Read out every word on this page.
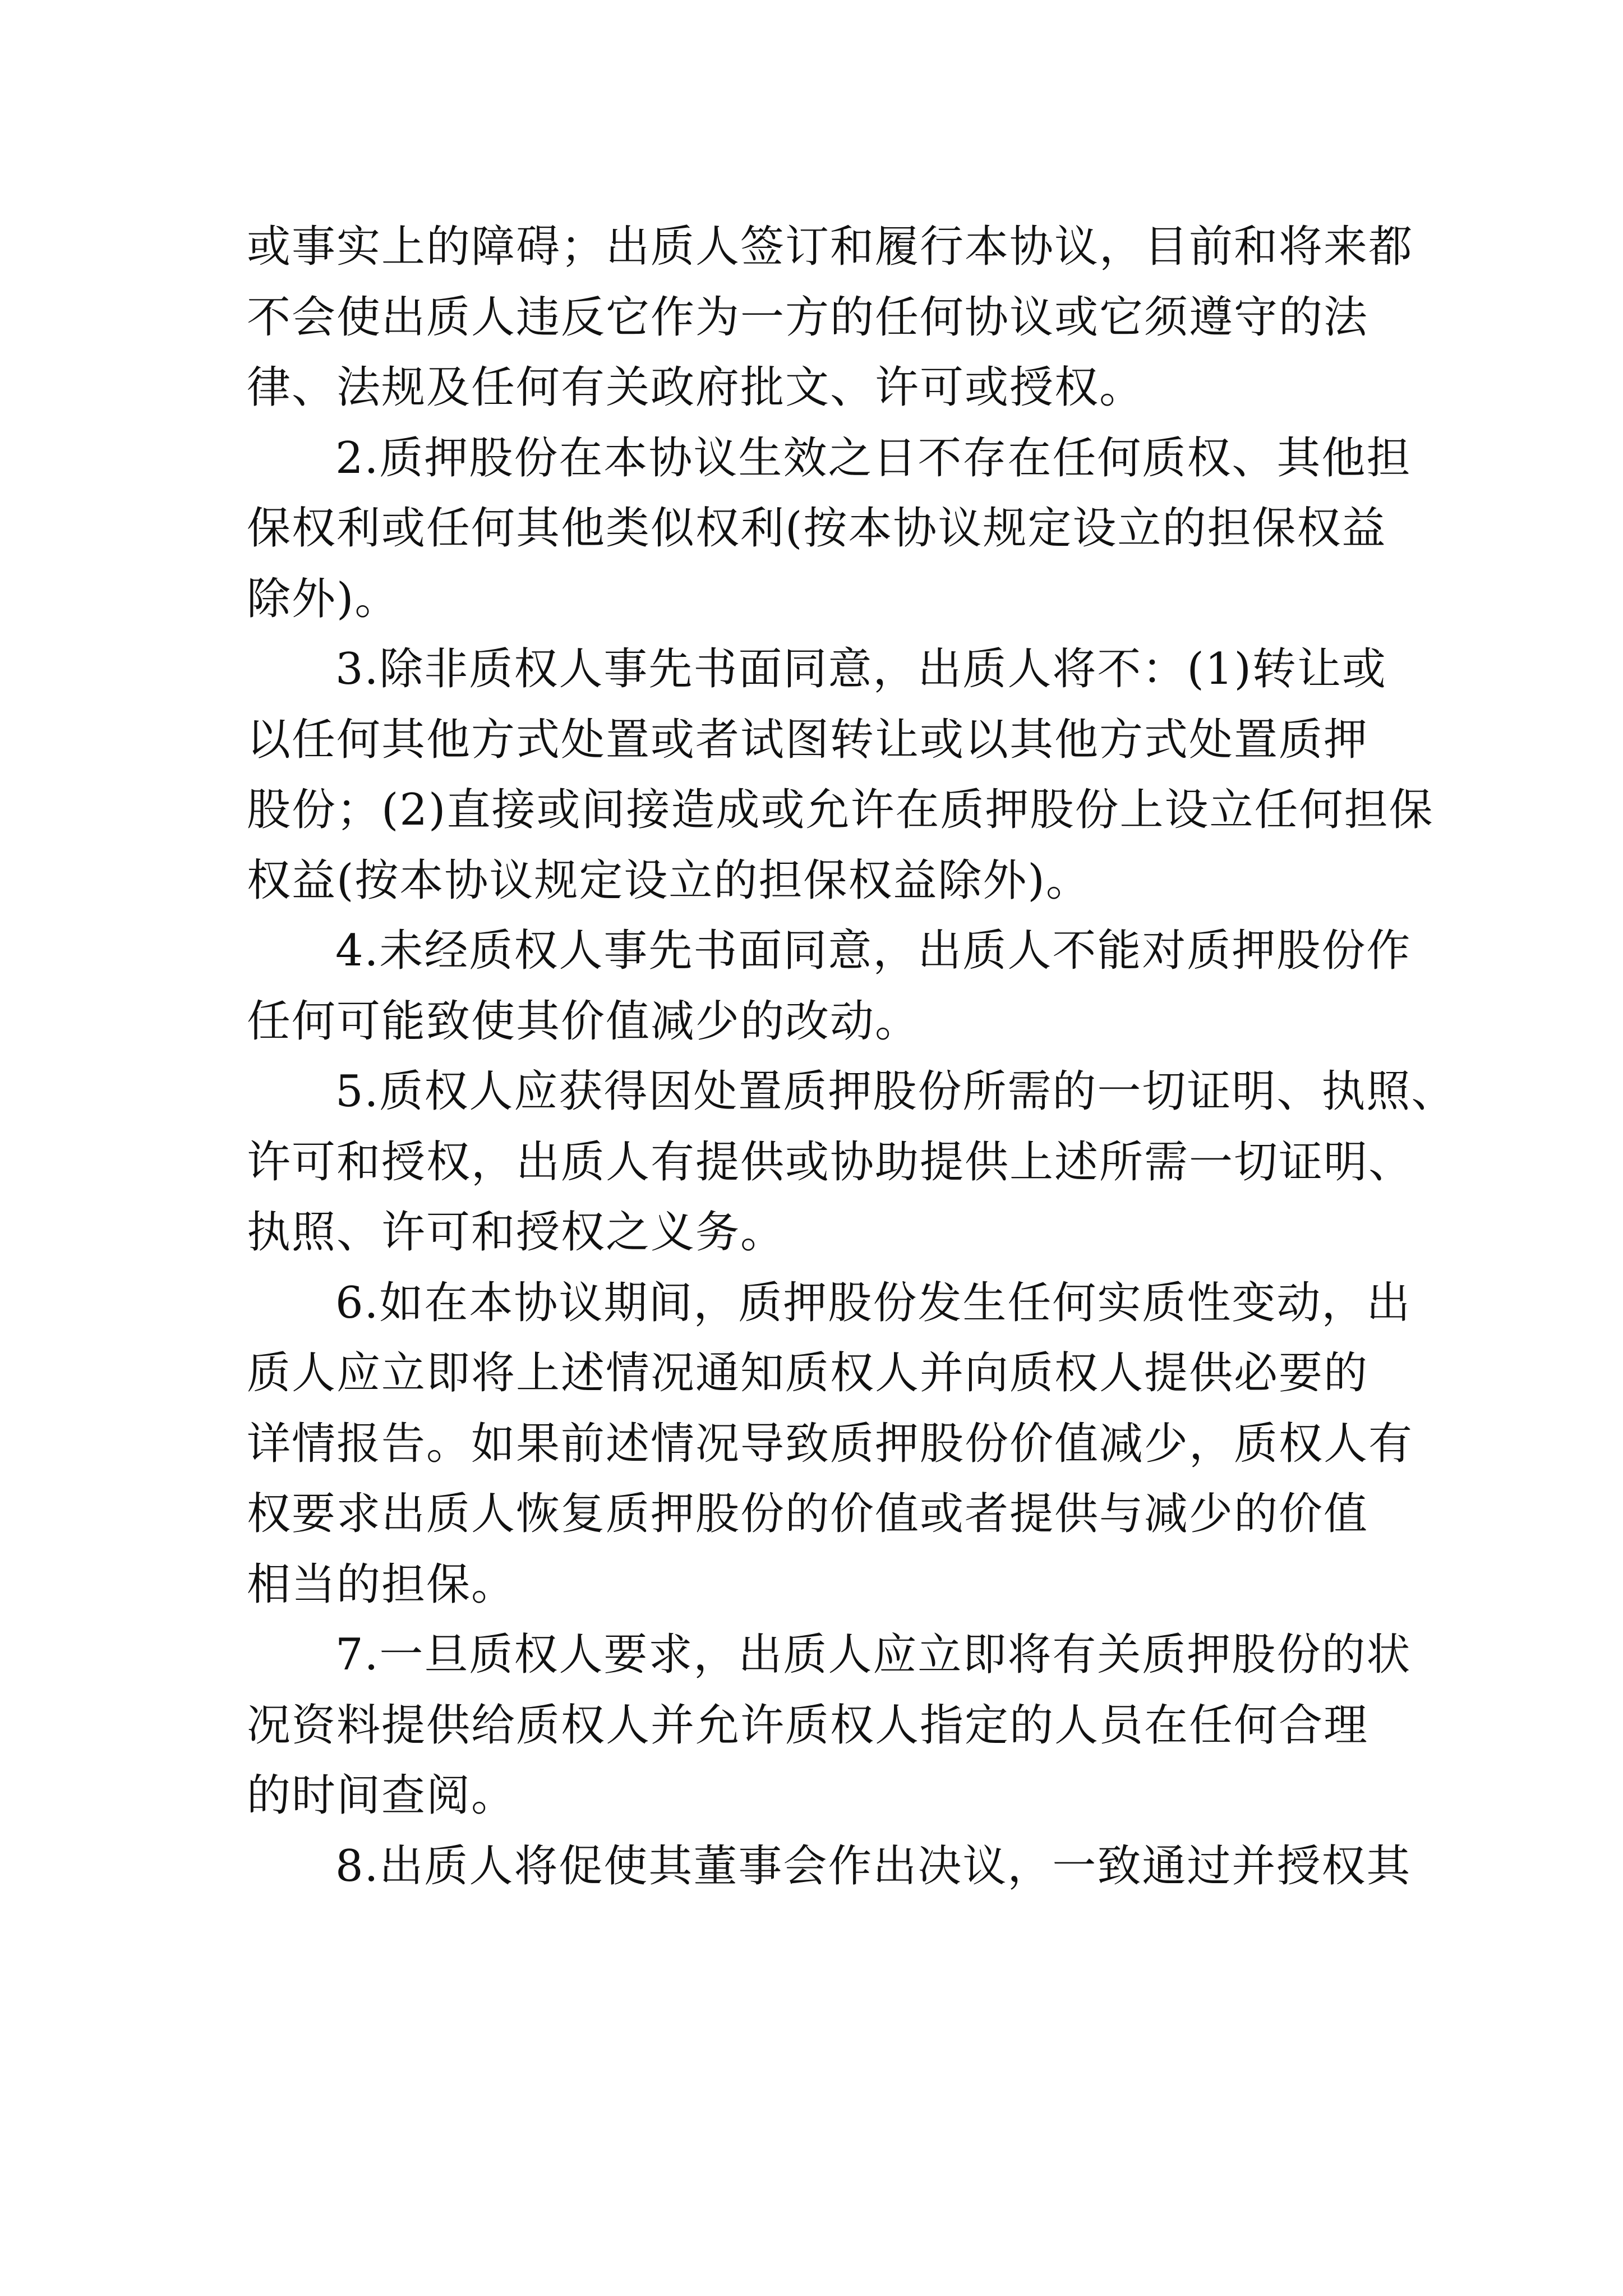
或事实上的障碍；出质人签订和履行本协议，目前和将来都
不会使出质人违反它作为一方的任何协议或它须遵守的法
律、法规及任何有关政府批文、许可或授权。
2.质押股份在本协议生效之日不存在任何质权、其他担
保权利或任何其他类似权利(按本协议规定设立的担保权益
除外)。
3.除非质权人事先书面同意，出质人将不：(1)转让或
以任何其他方式处置或者试图转让或以其他方式处置质押
股份；(2)直接或间接造成或允许在质押股份上设立任何担保
权益(按本协议规定设立的担保权益除外)。
4.未经质权人事先书面同意，出质人不能对质押股份作
任何可能致使其价值减少的改动。
5.质权人应获得因处置质押股份所需的一切证明、执照、
许可和授权，出质人有提供或协助提供上述所需一切证明、
执照、许可和授权之义务。
6.如在本协议期间，质押股份发生任何实质性变动，出
质人应立即将上述情况通知质权人并向质权人提供必要的
详情报告。如果前述情况导致质押股份价值减少，质权人有
权要求出质人恢复质押股份的价值或者提供与减少的价值
相当的担保。
7.一旦质权人要求，出质人应立即将有关质押股份的状
况资料提供给质权人并允许质权人指定的人员在任何合理
的时间查阅。
8.出质人将促使其董事会作出决议，一致通过并授权其
